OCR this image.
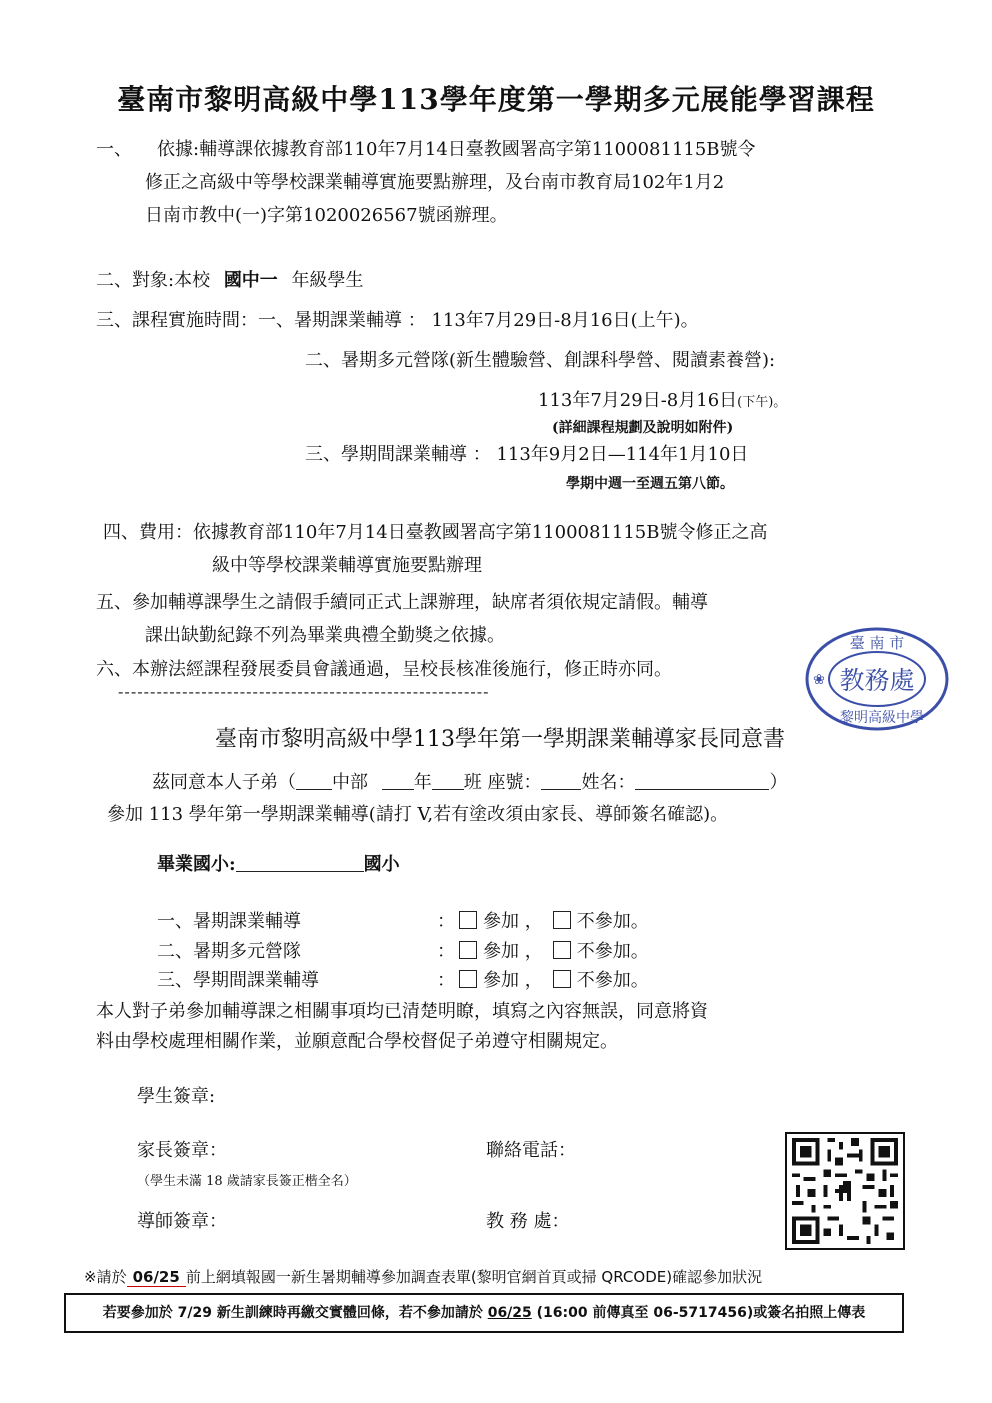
臺南市黎明高級中學113學年度第一學期多元展能學習課程
一、 依據:輔導課依據教育部110年7月14日臺教國署高字第1100081115B號令
修正之高級中等學校課業輔導實施要點辦理，及台南市教育局102年1月2
日南市教中(一)字第1020026567號函辦理。
二、對象:本校 國中一 年級學生
三、課程實施時間：一、暑期課業輔導 ： 113年7月29日-8月16日(上午)。
二、暑期多元營隊(新生體驗營、創課科學營、閱讀素養營):
113年7月29日-8月16日(下午)。
(詳細課程規劃及說明如附件)
三、學期間課業輔導 ： 113年9月2日—114年1月10日
學期中週一至週五第八節。
四、費用：依據教育部110年7月14日臺教國署高字第1100081115B號令修正之高
級中等學校課業輔導實施要點辦理
五、參加輔導課學生之請假手續同正式上課辦理，缺席者須依規定請假。輔導
課出缺勤紀錄不列為畢業典禮全勤獎之依據。
六、本辦法經課程發展委員會議通過，呈校長核准後施行，修正時亦同。
----------------------------------------------------------
臺 南 市
教務處
黎明高級中學
❀
臺南市黎明高級中學113學年第一學期課業輔導家長同意書
茲同意本人子弟（ 中部	年 班 座號： 姓名：	）
參加 113 學年第一學期課業輔導(請打 V,若有塗改須由家長、導師簽名確認)。
畢業國小:	國小
一、暑期課業輔導	： 參加 ， 不參加。
二、暑期多元營隊	： 參加 ， 不參加。
三、學期間課業輔導	： 參加 ， 不參加。
本人對子弟參加輔導課之相關事項均已清楚明瞭，填寫之內容無誤，同意將資
料由學校處理相關作業，並願意配合學校督促子弟遵守相關規定。
學生簽章:
家長簽章：	聯絡電話：
（學生未滿 18 歲請家長簽正楷全名）
導師簽章：	教 務 處：
※請於 06/25 前上網填報國一新生暑期輔導參加調查表單(黎明官網首頁或掃 QRCODE)確認參加狀況
若要參加於 7/29 新生訓練時再繳交實體回條，若不參加請於 06/25 (16:00 前傳真至 06-5717456)或簽名拍照上傳表
